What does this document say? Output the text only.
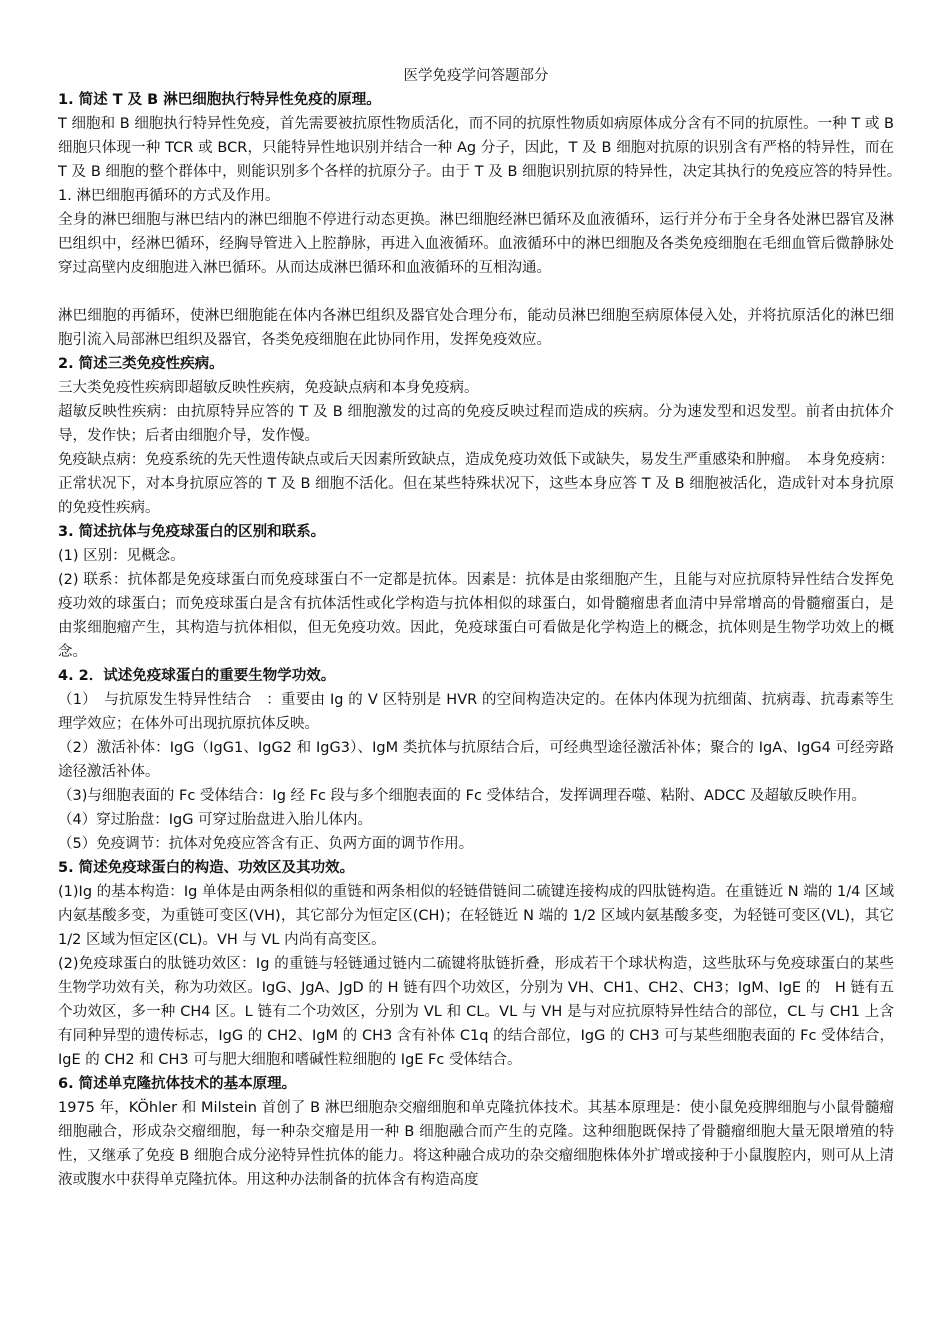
医学免疫学问答题部分

1. 简述 T 及 B 淋巴细胞执行特异性免疫的原理。

T 细胞和 B 细胞执行特异性免疫，首先需要被抗原性物质活化，而不同的抗原性物质如病原体成分含有不同的抗原性。一种 T 或 B 细胞只体现一种 TCR 或 BCR，只能特异性地识别并结合一种 Ag 分子，因此，T 及 B 细胞对抗原的识别含有严格的特异性，而在 T 及 B 细胞的整个群体中，则能识别多个各样的抗原分子。由于 T 及 B 细胞识别抗原的特异性，决定其执行的免疫应答的特异性。　 1. 淋巴细胞再循环的方式及作用。

全身的淋巴细胞与淋巴结内的淋巴细胞不停进行动态更换。淋巴细胞经淋巴循环及血液循环，运行并分布于全身各处淋巴器官及淋巴组织中，经淋巴循环，经胸导管进入上腔静脉，再进入血液循环。血液循环中的淋巴细胞及各类免疫细胞在毛细血管后微静脉处穿过高壁内皮细胞进入淋巴循环。从而达成淋巴循环和血液循环的互相沟通。

淋巴细胞的再循环，使淋巴细胞能在体内各淋巴组织及器官处合理分布，能动员淋巴细胞至病原体侵入处，并将抗原活化的淋巴细胞引流入局部淋巴组织及器官，各类免疫细胞在此协同作用，发挥免疫效应。

2. 简述三类免疫性疾病。

三大类免疫性疾病即超敏反映性疾病，免疫缺点病和本身免疫病。

超敏反映性疾病：由抗原特异应答的 T 及 B 细胞激发的过高的免疫反映过程而造成的疾病。分为速发型和迟发型。前者由抗体介导，发作快；后者由细胞介导，发作慢。

免疫缺点病：免疫系统的先天性遗传缺点或后天因素所致缺点，造成免疫功效低下或缺失，易发生严重感染和肿瘤。　本身免疫病：正常状况下，对本身抗原应答的 T 及 B 细胞不活化。但在某些特殊状况下，这些本身应答 T 及 B 细胞被活化，造成针对本身抗原的免疫性疾病。

3. 简述抗体与免疫球蛋白的区别和联系。

(1) 区别：见概念。

(2) 联系：抗体都是免疫球蛋白而免疫球蛋白不一定都是抗体。因素是：抗体是由浆细胞产生，且能与对应抗原特异性结合发挥免疫功效的球蛋白；而免疫球蛋白是含有抗体活性或化学构造与抗体相似的球蛋白，如骨髓瘤患者血清中异常增高的骨髓瘤蛋白，是由浆细胞瘤产生，其构造与抗体相似，但无免疫功效。因此，免疫球蛋白可看做是化学构造上的概念，抗体则是生物学功效上的概念。

4. 2．试述免疫球蛋白的重要生物学功效。

（1）　与抗原发生特异性结合　：重要由 Ig 的 V 区特别是 HVR 的空间构造决定的。在体内体现为抗细菌、抗病毒、抗毒素等生理学效应；在体外可出现抗原抗体反映。

（2）激活补体：IgG（IgG1、IgG2 和 IgG3）、IgM 类抗体与抗原结合后，可经典型途径激活补体；聚合的 IgA、IgG4 可经旁路途径激活补体。

（3)与细胞表面的 Fc 受体结合：Ig 经 Fc 段与多个细胞表面的 Fc 受体结合，发挥调理吞噬、粘附、ADCC 及超敏反映作用。

（4）穿过胎盘：IgG 可穿过胎盘进入胎儿体内。

（5）免疫调节：抗体对免疫应答含有正、负两方面的调节作用。

5. 简述免疫球蛋白的构造、功效区及其功效。

(1)Ig 的基本构造：Ig 单体是由两条相似的重链和两条相似的轻链借链间二硫键连接构成的四肽链构造。在重链近 N 端的 1/4 区域内氨基酸多变，为重链可变区(VH)，其它部分为恒定区(CH)；在轻链近 N 端的 1/2 区域内氨基酸多变，为轻链可变区(VL)，其它 1/2 区域为恒定区(CL)。VH 与 VL 内尚有高变区。

(2)免疫球蛋白的肽链功效区：Ig 的重链与轻链通过链内二硫键将肽链折叠，形成若干个球状构造，这些肽环与免疫球蛋白的某些生物学功效有关，称为功效区。IgG、JgA、JgD 的 H 链有四个功效区，分别为 VH、CH1、CH2、CH3；IgM、IgE 的　H 链有五个功效区，多一种 CH4 区。L 链有二个功效区，分别为 VL 和 CL。VL 与 VH 是与对应抗原特异性结合的部位，CL 与 CH1 上含有同种异型的遗传标志，IgG 的 CH2、IgM 的 CH3 含有补体 C1q 的结合部位，IgG 的 CH3 可与某些细胞表面的 Fc 受体结合，IgE 的 CH2 和 CH3 可与肥大细胞和嗜碱性粒细胞的 IgE Fc 受体结合。

6. 简述单克隆抗体技术的基本原理。

1975 年，KÖhler 和 Milstein 首创了 B 淋巴细胞杂交瘤细胞和单克隆抗体技术。其基本原理是：使小鼠免疫脾细胞与小鼠骨髓瘤细胞融合，形成杂交瘤细胞，每一种杂交瘤是用一种 B 细胞融合而产生的克隆。这种细胞既保持了骨髓瘤细胞大量无限增殖的特性，又继承了免疫 B 细胞合成分泌特异性抗体的能力。将这种融合成功的杂交瘤细胞株体外扩增或接种于小鼠腹腔内，则可从上清液或腹水中获得单克隆抗体。用这种办法制备的抗体含有构造高度
